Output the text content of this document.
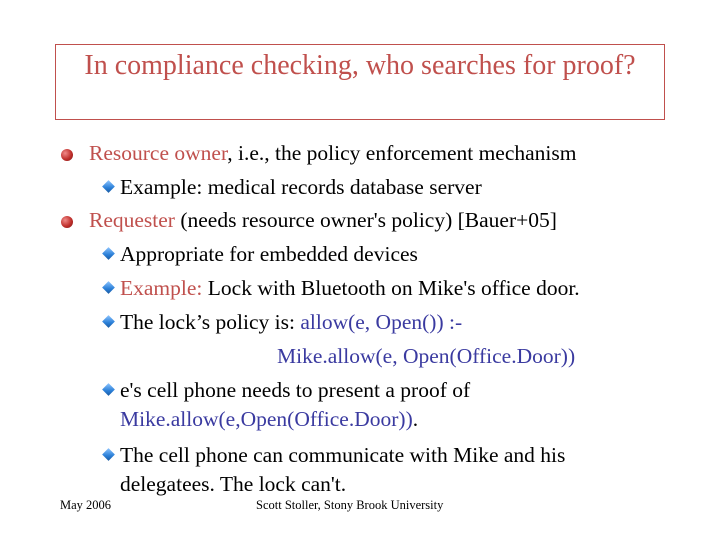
In compliance checking, who searches for proof?
Resource owner, i.e., the policy enforcement mechanism
Example: medical records database server
Requester (needs resource owner's policy) [Bauer+05]
Appropriate for embedded devices
Example: Lock with Bluetooth on Mike's office door.
The lock’s policy is: allow(e, Open()) :-
Mike.allow(e, Open(Office.Door))
e's cell phone needs to present a proof of
Mike.allow(e,Open(Office.Door)).
The cell phone can communicate with Mike and his
delegatees. The lock can't.
May 2006	Scott Stoller, Stony Brook University
